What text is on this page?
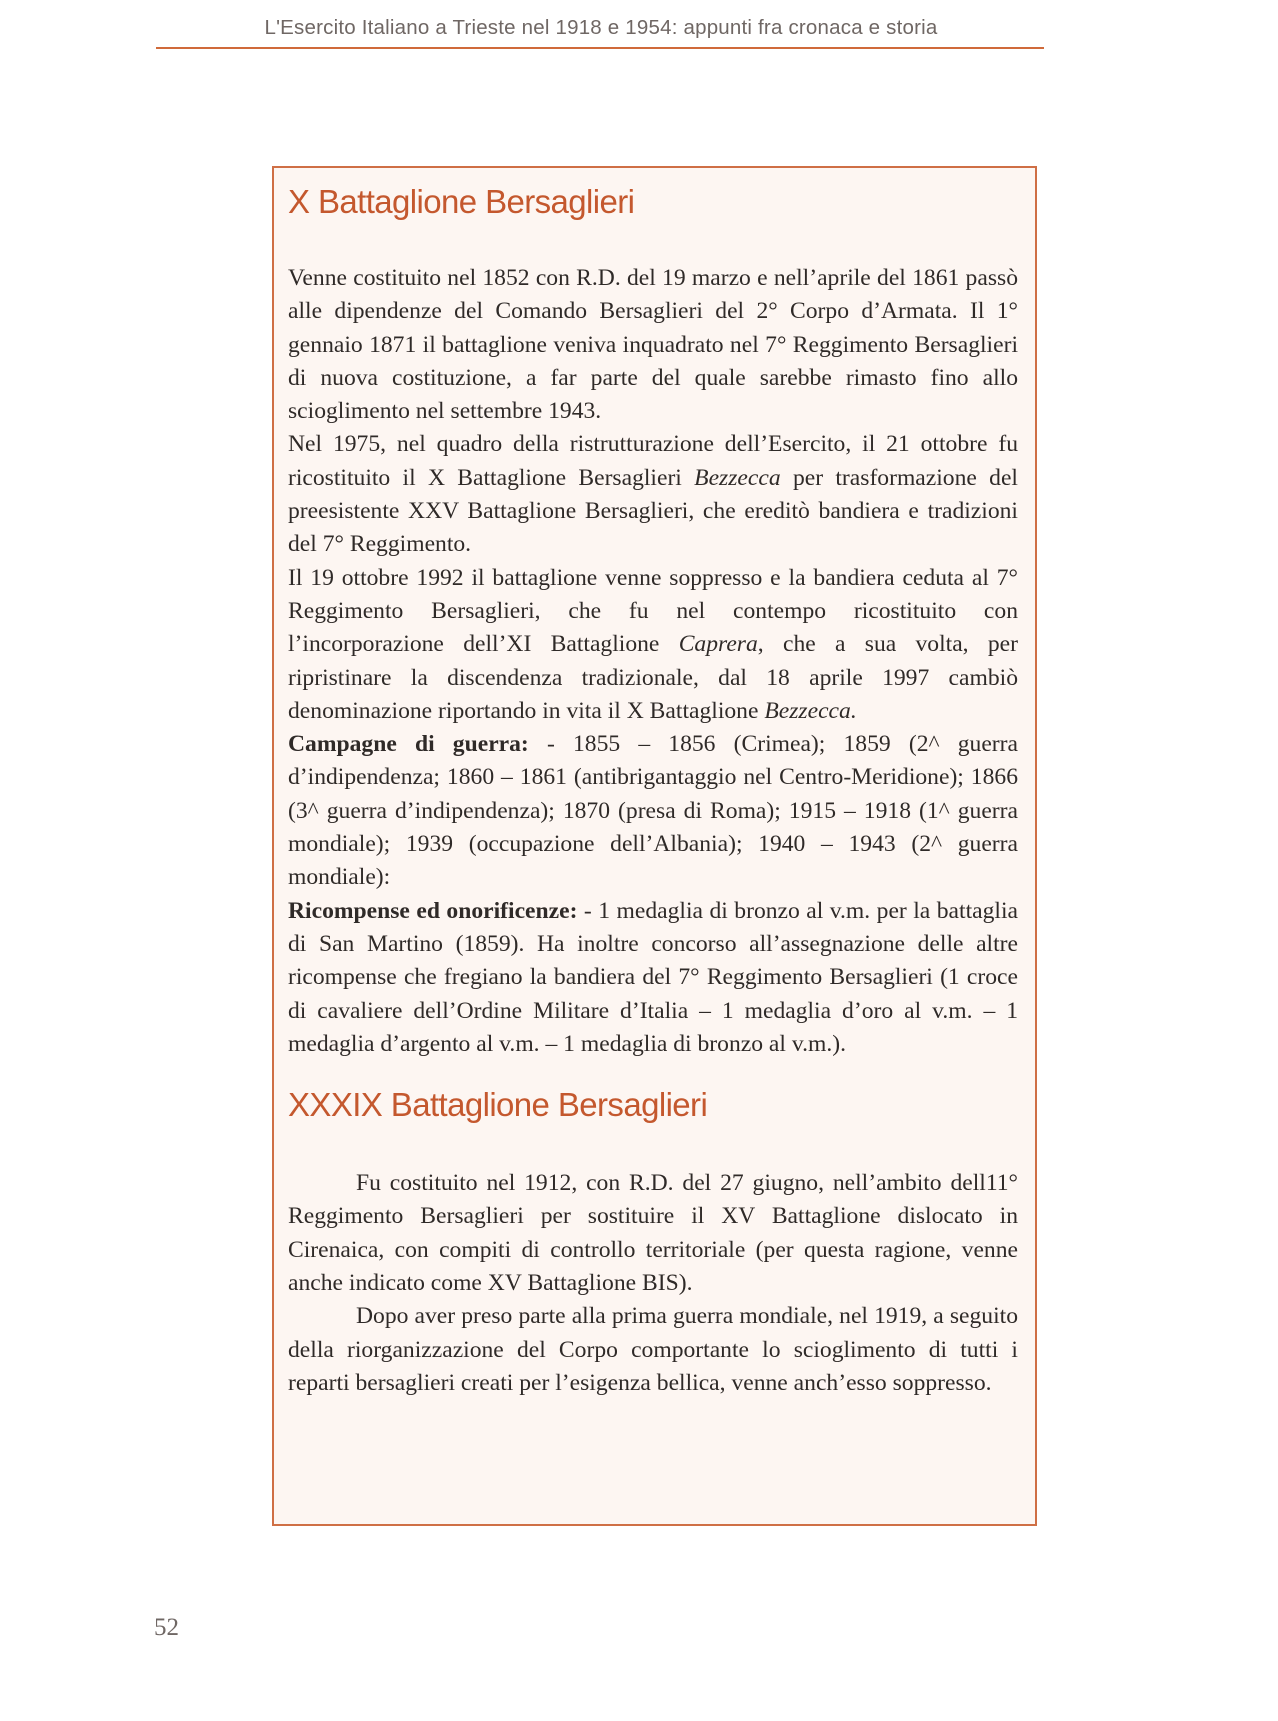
L'Esercito Italiano a Trieste nel 1918 e 1954: appunti fra cronaca e storia
X Battaglione Bersaglieri

Venne costituito nel 1852 con R.D. del 19 marzo e nell’aprile del 1861 passò alle dipendenze del Comando Bersaglieri del 2° Corpo d’Armata. Il 1° gennaio 1871 il battaglione veniva inquadrato nel 7° Reggimento Bersaglieri di nuova costituzione, a far parte del quale sarebbe rimasto fino allo scioglimento nel settembre 1943.

Nel 1975, nel quadro della ristrutturazione dell’Esercito, il 21 ottobre fu ricostituito il X Battaglione Bersaglieri Bezzecca per trasformazione del preesistente XXV Battaglione Bersaglieri, che ereditò bandiera e tradizioni del 7° Reggimento.

Il 19 ottobre 1992 il battaglione venne soppresso e la bandiera ceduta al 7° Reggimento Bersaglieri, che fu nel contempo ricostituito con l’incorporazione dell’XI Battaglione Caprera, che a sua volta, per ripristinare la discendenza tradizionale, dal 18 aprile 1997 cambiò denominazione riportando in vita il X Battaglione Bezzecca.

Campagne di guerra: - 1855 – 1856 (Crimea); 1859 (2^ guerra d’indipendenza; 1860 – 1861 (antibrigantaggio nel Centro-Meridione); 1866 (3^ guerra d’indipendenza); 1870 (presa di Roma); 1915 – 1918 (1^ guerra mondiale); 1939 (occupazione dell’Albania); 1940 – 1943 (2^ guerra mondiale):

Ricompense ed onorificenze: - 1 medaglia di bronzo al v.m. per la battaglia di San Martino (1859). Ha inoltre concorso all’assegnazione delle altre ricompense che fregiano la bandiera del 7° Reggimento Bersaglieri (1 croce di cavaliere dell’Ordine Militare d’Italia – 1 medaglia d’oro al v.m. – 1 medaglia d’argento al v.m. – 1 medaglia di bronzo al v.m.).

XXXIX Battaglione Bersaglieri

Fu costituito nel 1912, con R.D. del 27 giugno, nell’ambito dell11° Reggimento Bersaglieri per sostituire il XV Battaglione dislocato in Cirenaica, con compiti di controllo territoriale (per questa ragione, venne anche indicato come XV Battaglione BIS).

Dopo aver preso parte alla prima guerra mondiale, nel 1919, a seguito della riorganizzazione del Corpo comportante lo scioglimento di tutti i reparti bersaglieri creati per l’esigenza bellica, venne anch’esso soppresso.

52
